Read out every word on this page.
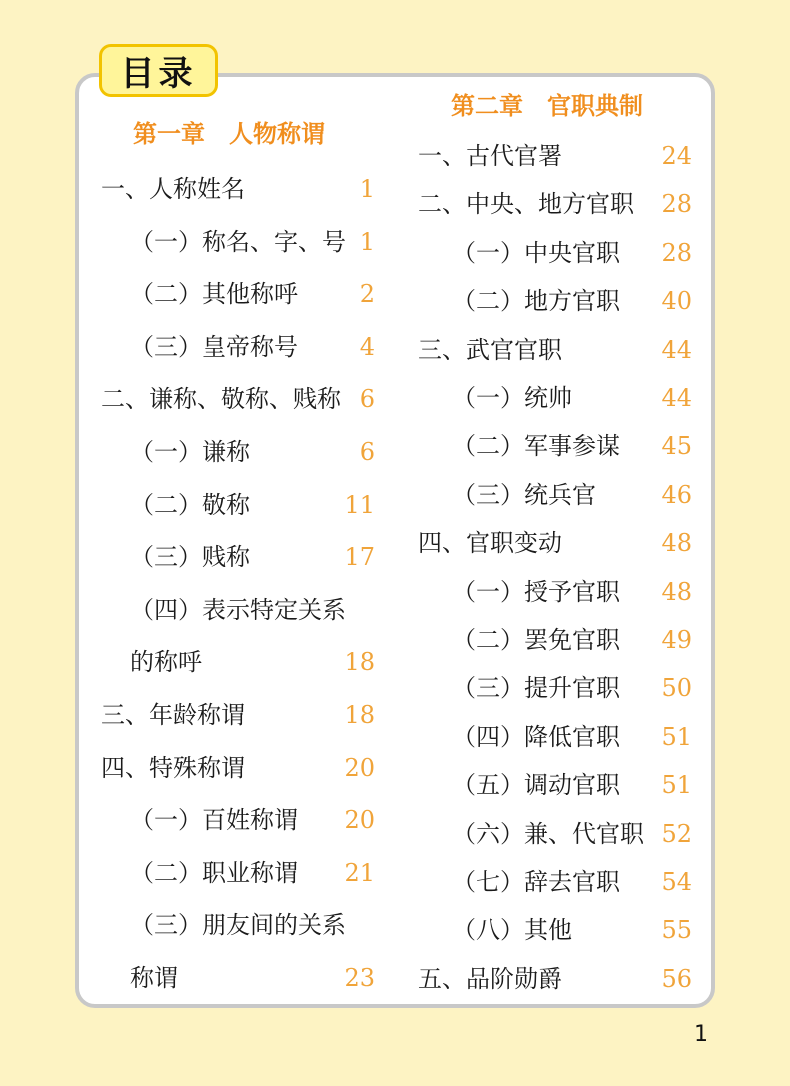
目录
第一章 人物称谓
第二章 官职典制
一、人称姓名	1
（一）称名、字、号 1
（二）其他称呼	2
（三）皇帝称号	4
二、谦称、敬称、贱称 6
（一）谦称	6
（二）敬称	11
（三）贱称	17
（四）表示特定关系
的称呼	18
三、年龄称谓	18
四、特殊称谓	20
（一）百姓称谓	20
（二）职业称谓	21
（三）朋友间的关系
称谓	23
一、古代官署	24
二、中央、地方官职	28
（一）中央官职	28
（二）地方官职	40
三、武官官职	44
（一）统帅	44
（二）军事参谋	45
（三）统兵官	46
四、官职变动	48
（一）授予官职	48
（二）罢免官职	49
（三）提升官职	50
（四）降低官职	51
（五）调动官职	51
（六）兼、代官职 52
（七）辞去官职	54
（八）其他	55
五、品阶勋爵	56
1
